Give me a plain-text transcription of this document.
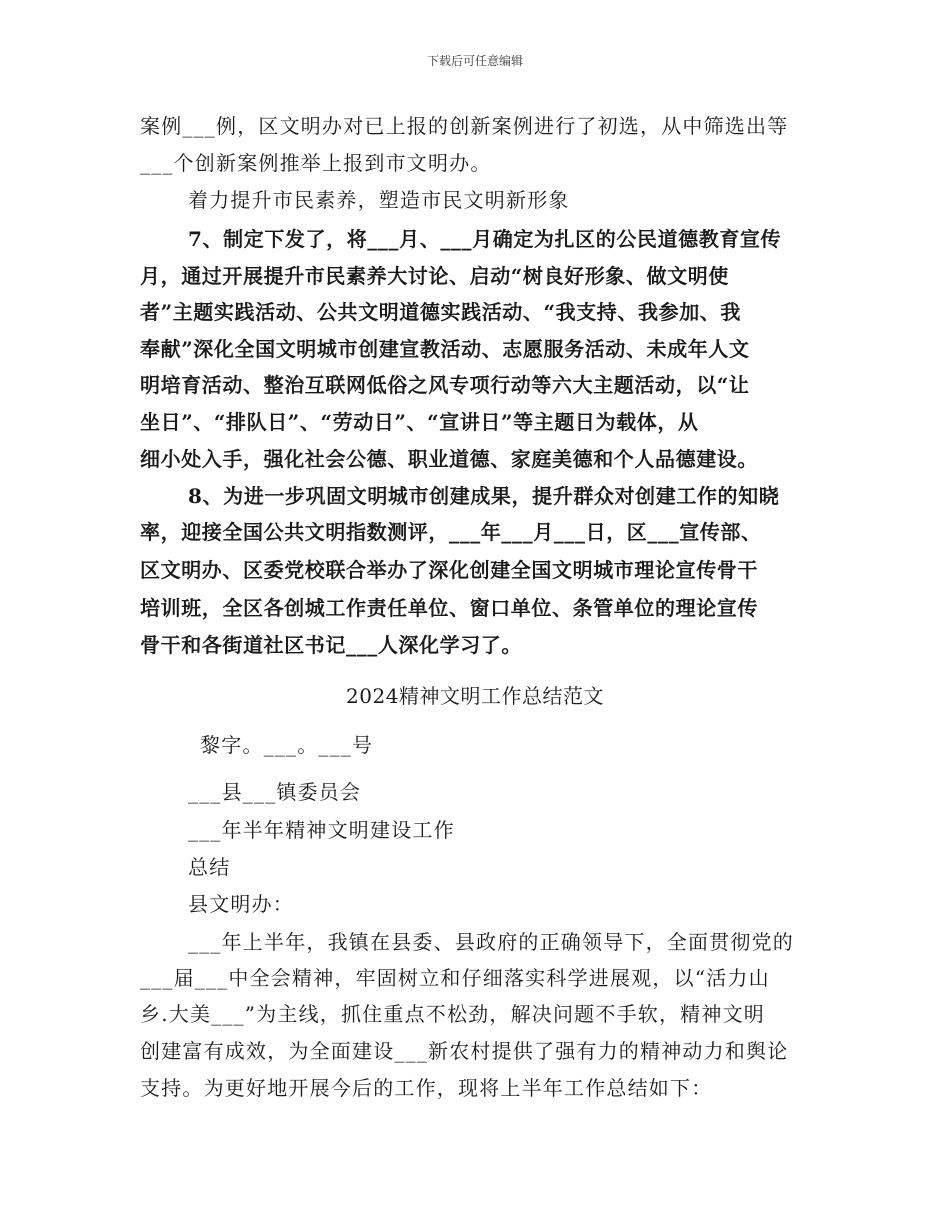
下载后可任意编辑
案例___例，区文明办对已上报的创新案例进行了初选，从中筛选出等
___个创新案例推举上报到市文明办。
着力提升市民素养，塑造市民文明新形象
7、制定下发了，将___月、___月确定为扎区的公民道德教育宣传
月，通过开展提升市民素养大讨论、启动“树良好形象、做文明使
者”主题实践活动、公共文明道德实践活动、“我支持、我参加、我
奉献”深化全国文明城市创建宣教活动、志愿服务活动、未成年人文
明培育活动、整治互联网低俗之风专项行动等六大主题活动，以“让
坐日”、“排队日”、“劳动日”、“宣讲日”等主题日为载体，从
细小处入手，强化社会公德、职业道德、家庭美德和个人品德建设。
8、为进一步巩固文明城市创建成果，提升群众对创建工作的知晓
率，迎接全国公共文明指数测评，___年___月___日，区___宣传部、
区文明办、区委党校联合举办了深化创建全国文明城市理论宣传骨干
培训班，全区各创城工作责任单位、窗口单位、条管单位的理论宣传
骨干和各街道社区书记___人深化学习了。
2024精神文明工作总结范文
黎字。___。___号
___县___镇委员会
___年半年精神文明建设工作
总结
县文明办：
___年上半年，我镇在县委、县政府的正确领导下，全面贯彻党的
___届___中全会精神，牢固树立和仔细落实科学进展观，以“活力山
乡.大美___”为主线，抓住重点不松劲，解决问题不手软，精神文明
创建富有成效，为全面建设___新农村提供了强有力的精神动力和舆论
支持。为更好地开展今后的工作，现将上半年工作总结如下：
